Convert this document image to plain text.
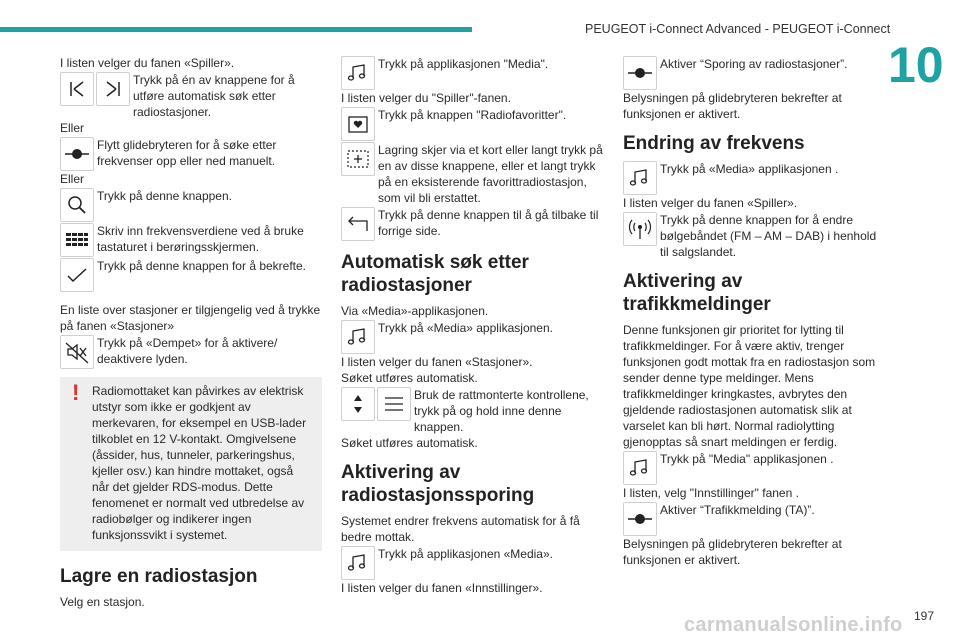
PEUGEOT i-Connect Advanced - PEUGEOT i-Connect
10

I listen velger du fanen «Spiller».

Trykk på én av knappene for å utføre automatisk søk etter radiostasjoner.

Eller

Flytt glidebryteren for å søke etter frekvenser opp eller ned manuelt.

Eller

Trykk på denne knappen.
Skriv inn frekvensverdiene ved å bruke tastaturet i berøringsskjermen.
Trykk på denne knappen for å bekrefte.

En liste over stasjoner er tilgjengelig ved å trykke på fanen «Stasjoner»

Trykk på «Dempet» for å aktivere/ deaktivere lyden.
! Radiomottaket kan påvirkes av elektrisk utstyr som ikke er godkjent av merkevaren, for eksempel en USB-lader tilkoblet en 12 V-kontakt. Omgivelsene (åssider, hus, tunneler, parkeringshus, kjeller osv.) kan hindre mottaket, også når det gjelder RDS-modus. Dette fenomenet er normalt ved utbredelse av radiobølger og indikerer ingen funksjonssvikt i systemet.
Lagre en radiostasjon

Velg en stasjon.

Trykk på applikasjonen "Media".

I listen velger du "Spiller"-fanen.

Trykk på knappen "Radiofavoritter".
Lagring skjer via et kort eller langt trykk på en av disse knappene, eller et langt trykk på en eksisterende favorittradiostasjon, som vil bli erstattet.
Trykk på denne knappen til å gå tilbake til forrige side.
Automatisk søk etter radiostasjoner

Via «Media»-applikasjonen.

Trykk på «Media» applikasjonen.

I listen velger du fanen «Stasjoner».

Søket utføres automatisk.

Bruk de rattmonterte kontrollene, trykk på og hold inne denne knappen.

Søket utføres automatisk.

Aktivering av radiostasjonssporing

Systemet endrer frekvens automatisk for å få bedre mottak.

Trykk på applikasjonen «Media».

I listen velger du fanen «Innstillinger».

Aktiver “Sporing av radiostasjoner”.

Belysningen på glidebryteren bekrefter at funksjonen er aktivert.

Endring av frekvens
Trykk på «Media» applikasjonen .

I listen velger du fanen «Spiller».

Trykk på denne knappen for å endre bølgebåndet (FM – AM – DAB) i henhold til salgslandet.
Aktivering av trafikkmeldinger

Denne funksjonen gir prioritet for lytting til trafikkmeldinger. For å være aktiv, trenger funksjonen godt mottak fra en radiostasjon som sender denne type meldinger. Mens trafikkmeldinger kringkastes, avbrytes den gjeldende radiostasjonen automatisk slik at varselet kan bli hørt. Normal radiolytting gjenopptas så snart meldingen er ferdig.

Trykk på "Media" applikasjonen .

I listen, velg "Innstillinger" fanen .

Aktiver “Trafikkmelding (TA)”.

Belysningen på glidebryteren bekrefter at funksjonen er aktivert.

197
carmanualsonline.info
